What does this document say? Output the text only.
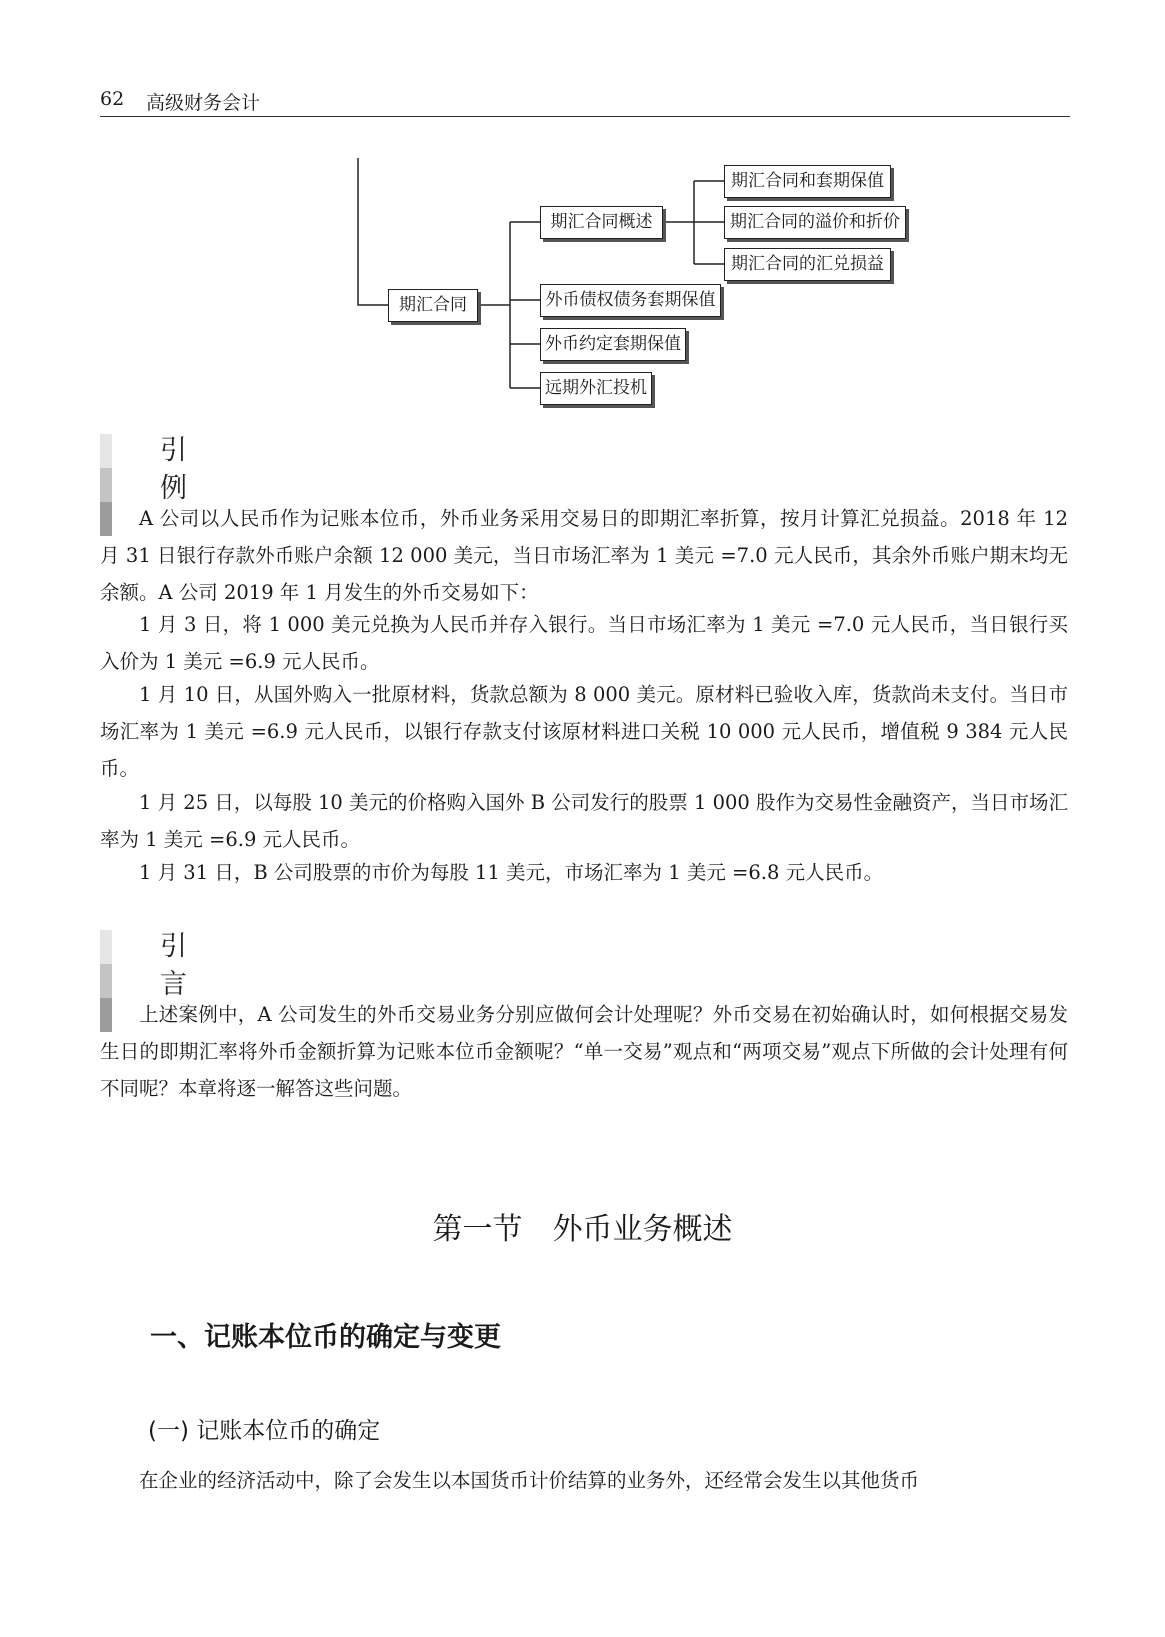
62 高级财务会计
期汇合同
期汇合同概述
期汇合同和套期保值
期汇合同的溢价和折价
期汇合同的汇兑损益
外币债权债务套期保值
外币约定套期保值
远期外汇投机
引例
A 公司以人民币作为记账本位币，外币业务采用交易日的即期汇率折算，按月计算汇兑损益。2018 年 12 月 31 日银行存款外币账户余额 12 000 美元，当日市场汇率为 1 美元 =7.0 元人民币，其余外币账户期末均无余额。A 公司 2019 年 1 月发生的外币交易如下：
1 月 3 日，将 1 000 美元兑换为人民币并存入银行。当日市场汇率为 1 美元 =7.0 元人民币，当日银行买入价为 1 美元 =6.9 元人民币。
1 月 10 日，从国外购入一批原材料，货款总额为 8 000 美元。原材料已验收入库，货款尚未支付。当日市场汇率为 1 美元 =6.9 元人民币，以银行存款支付该原材料进口关税 10 000 元人民币，增值税 9 384 元人民币。
1 月 25 日，以每股 10 美元的价格购入国外 B 公司发行的股票 1 000 股作为交易性金融资产，当日市场汇率为 1 美元 =6.9 元人民币。
1 月 31 日，B 公司股票的市价为每股 11 美元，市场汇率为 1 美元 =6.8 元人民币。
引言
上述案例中，A 公司发生的外币交易业务分别应做何会计处理呢？外币交易在初始确认时，如何根据交易发生日的即期汇率将外币金额折算为记账本位币金额呢？“单一交易”观点和“两项交易”观点下所做的会计处理有何不同呢？本章将逐一解答这些问题。
第一节　外币业务概述
一、记账本位币的确定与变更
(一) 记账本位币的确定
在企业的经济活动中，除了会发生以本国货币计价结算的业务外，还经常会发生以其他货币
